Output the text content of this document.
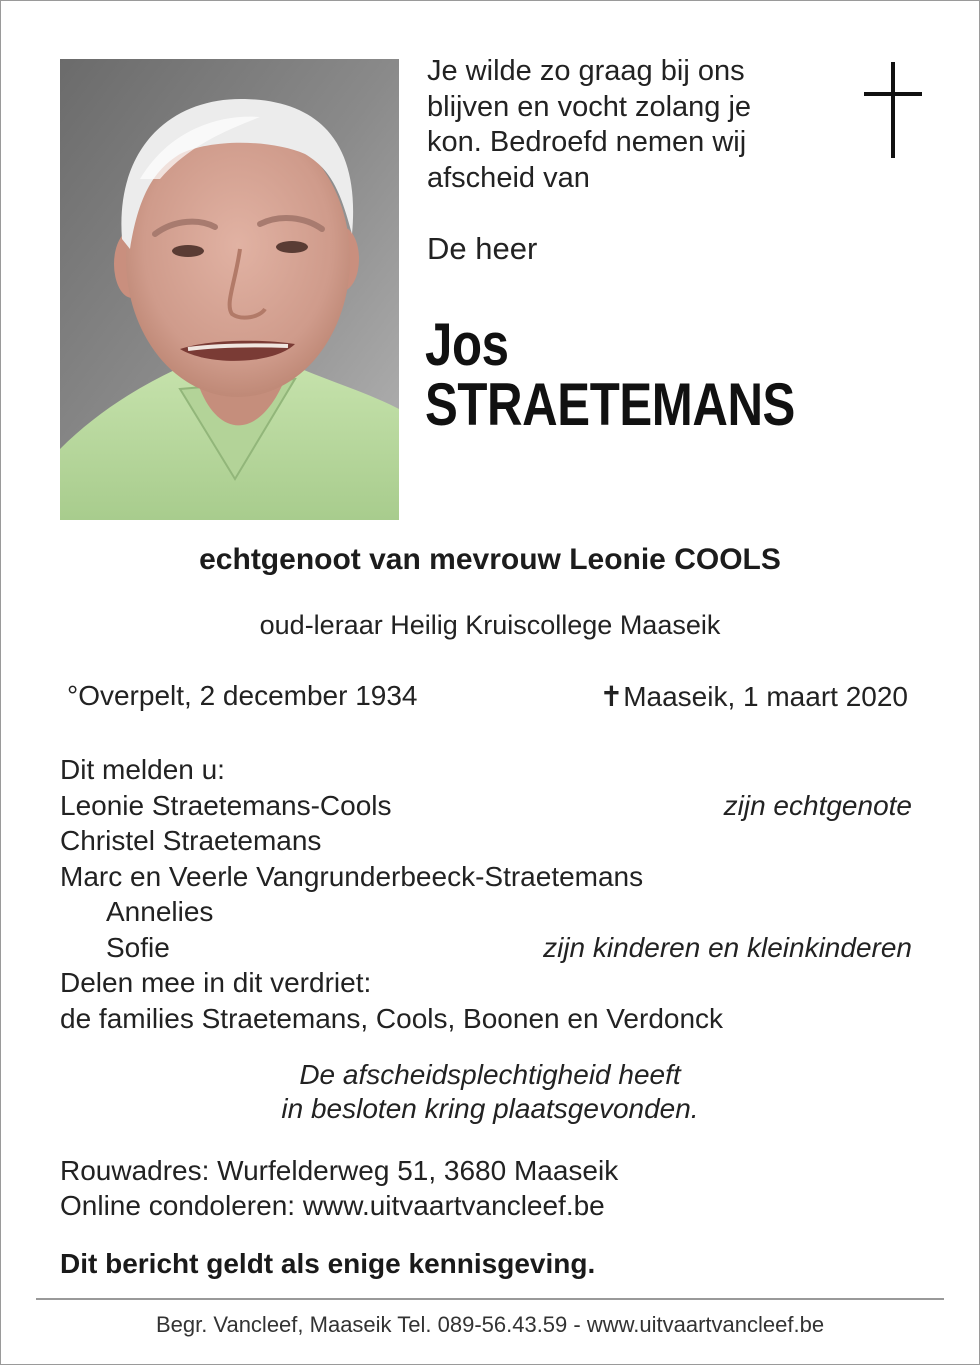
Je wilde zo graag bij ons

blijven en vocht zolang je

kon. Bedroefd nemen wij

afscheid van

De heer
Jos
STRAETEMANS
echtgenoot van mevrouw Leonie COOLS
oud-leraar Heilig Kruiscollege Maaseik
°Overpelt, 2 december 1934	✝Maaseik, 1 maart 2020
Dit melden u:
Leonie Straetemans-Cools	zijn echtgenote
Christel Straetemans
Marc en Veerle Vangrunderbeeck-Straetemans
Annelies
Sofie	zijn kinderen en kleinkinderen
Delen mee in dit verdriet:
de families Straetemans, Cools, Boonen en Verdonck
De afscheidsplechtigheid heeft
in besloten kring plaatsgevonden.
Rouwadres: Wurfelderweg 51, 3680 Maaseik
Online condoleren: www.uitvaartvancleef.be
Dit bericht geldt als enige kennisgeving.
Begr. Vancleef, Maaseik Tel. 089-56.43.59 - www.uitvaartvancleef.be
